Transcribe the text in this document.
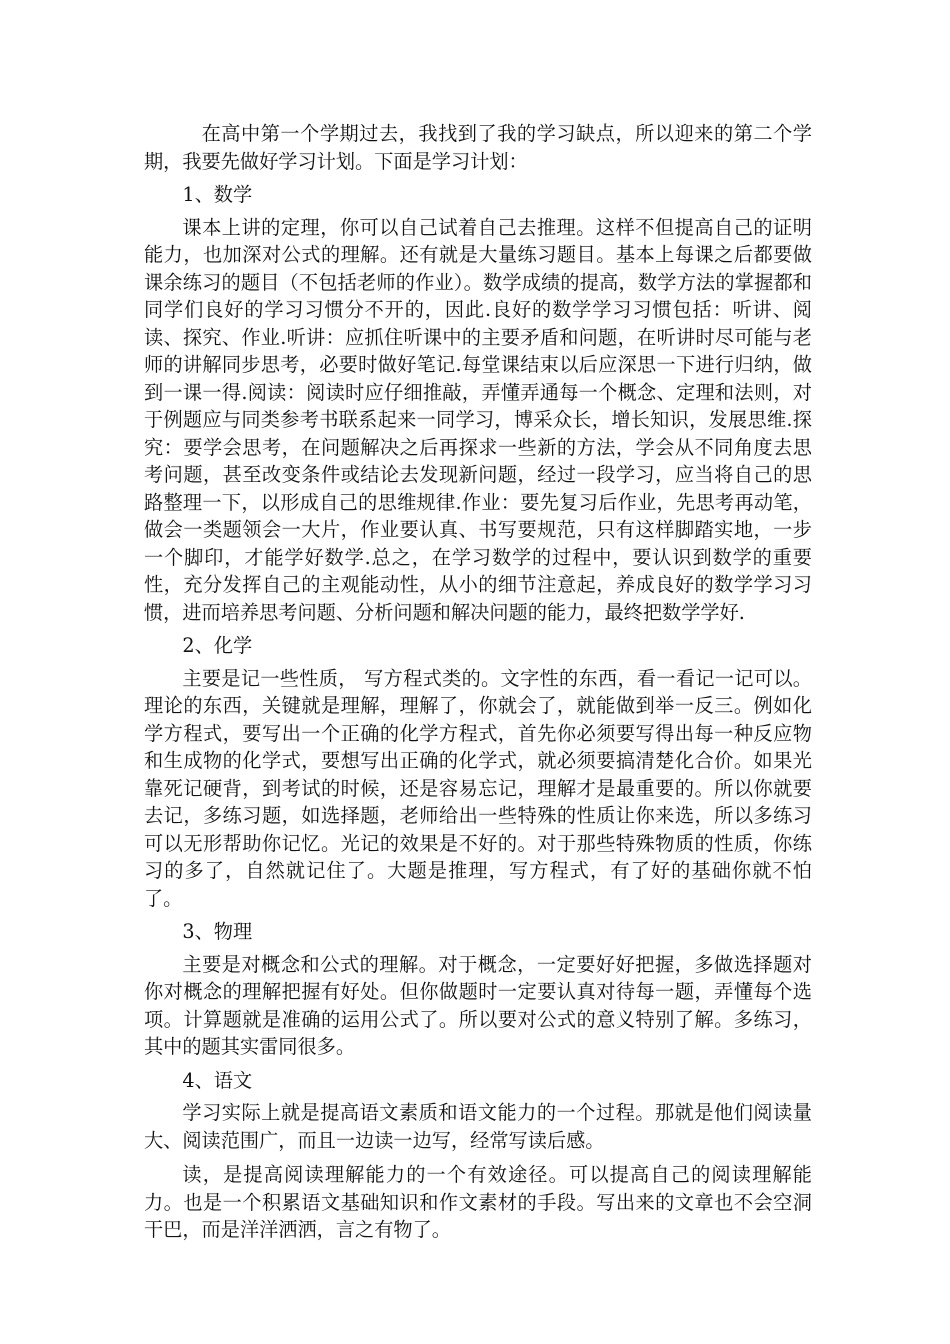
在高中第一个学期过去，我找到了我的学习缺点，所以迎来的第二个学期，我要先做好学习计划。下面是学习计划：

1、数学

课本上讲的定理，你可以自己试着自己去推理。这样不但提高自己的证明能力，也加深对公式的理解。还有就是大量练习题目。基本上每课之后都要做课余练习的题目（不包括老师的作业）。数学成绩的提高，数学方法的掌握都和同学们良好的学习习惯分不开的，因此.良好的数学学习习惯包括：听讲、阅读、探究、作业.听讲：应抓住听课中的主要矛盾和问题，在听讲时尽可能与老师的讲解同步思考，必要时做好笔记.每堂课结束以后应深思一下进行归纳，做到一课一得.阅读：阅读时应仔细推敲，弄懂弄通每一个概念、定理和法则，对于例题应与同类参考书联系起来一同学习，博采众长，增长知识，发展思维.探究：要学会思考，在问题解决之后再探求一些新的方法，学会从不同角度去思考问题，甚至改变条件或结论去发现新问题，经过一段学习，应当将自己的思路整理一下，以形成自己的思维规律.作业：要先复习后作业，先思考再动笔，做会一类题领会一大片，作业要认真、书写要规范，只有这样脚踏实地，一步一个脚印，才能学好数学.总之，在学习数学的过程中，要认识到数学的重要性，充分发挥自己的主观能动性，从小的细节注意起，养成良好的数学学习习惯，进而培养思考问题、分析问题和解决问题的能力，最终把数学学好.

2、化学

主要是记一些性质， 写方程式类的。文字性的东西，看一看记一记可以。理论的东西，关键就是理解，理解了，你就会了，就能做到举一反三。例如化学方程式，要写出一个正确的化学方程式，首先你必须要写得出每一种反应物和生成物的化学式，要想写出正确的化学式，就必须要搞清楚化合价。如果光靠死记硬背，到考试的时候，还是容易忘记，理解才是最重要的。所以你就要去记，多练习题，如选择题，老师给出一些特殊的性质让你来选，所以多练习可以无形帮助你记忆。光记的效果是不好的。对于那些特殊物质的性质，你练习的多了，自然就记住了。大题是推理，写方程式，有了好的基础你就不怕了。

3、物理

主要是对概念和公式的理解。对于概念，一定要好好把握，多做选择题对你对概念的理解把握有好处。但你做题时一定要认真对待每一题，弄懂每个选项。计算题就是准确的运用公式了。所以要对公式的意义特别了解。多练习，其中的题其实雷同很多。

4、语文

学习实际上就是提高语文素质和语文能力的一个过程。那就是他们阅读量大、阅读范围广，而且一边读一边写，经常写读后感。

读，是提高阅读理解能力的一个有效途径。可以提高自己的阅读理解能力。也是一个积累语文基础知识和作文素材的手段。写出来的文章也不会空洞干巴，而是洋洋洒洒，言之有物了。
